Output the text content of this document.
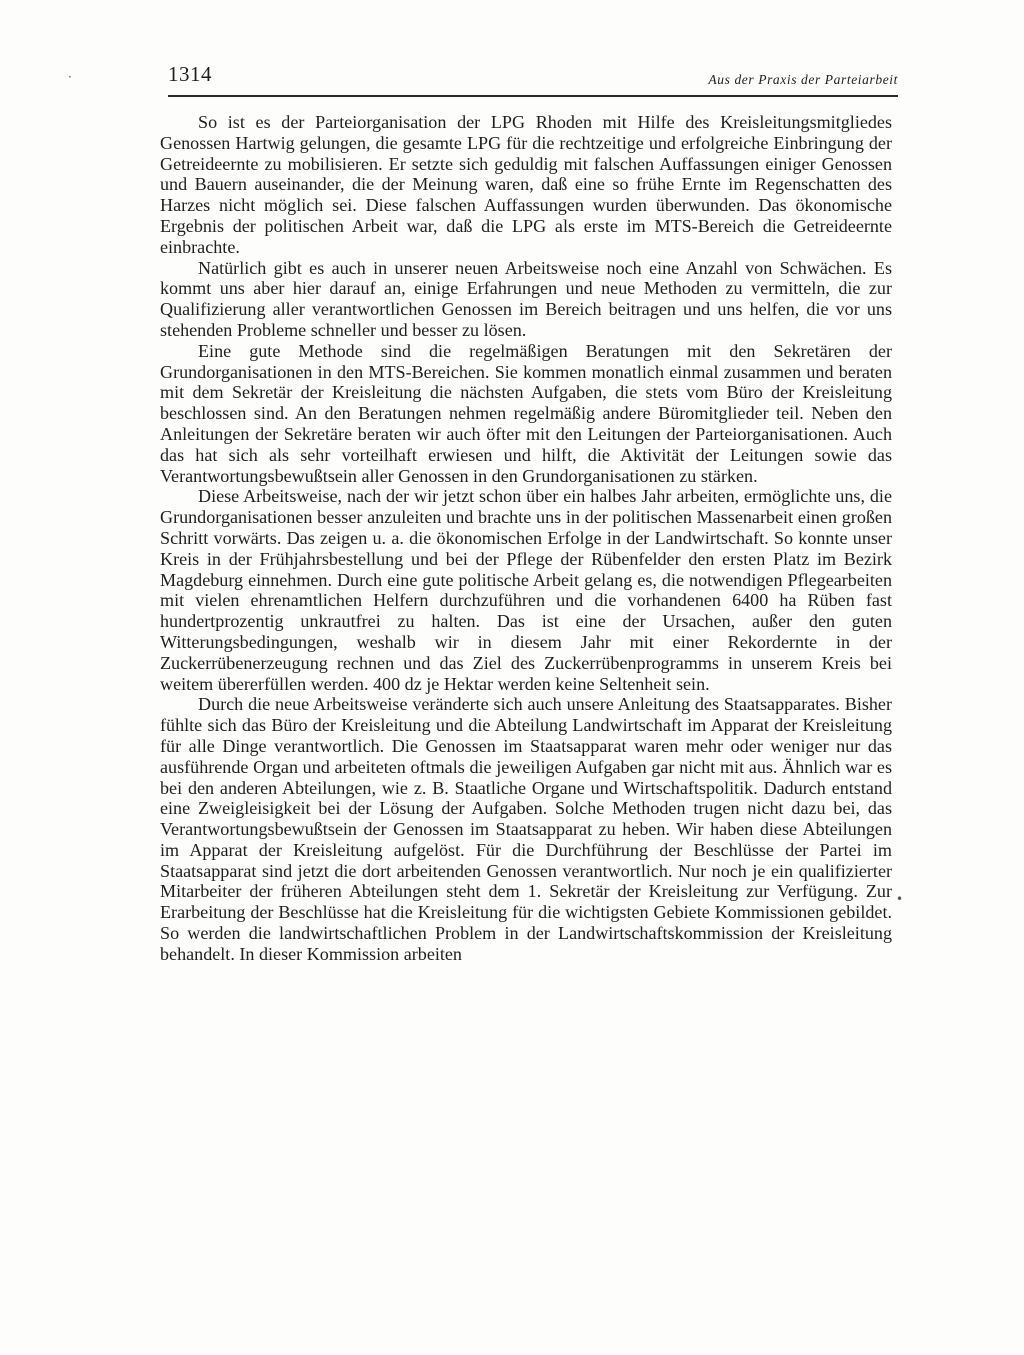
1314	Aus der Praxis der Parteiarbeit

So ist es der Parteiorganisation der LPG Rhoden mit Hilfe des Kreisleitungsmitgliedes Genossen Hartwig gelungen, die gesamte LPG für die rechtzeitige und erfolgreiche Einbringung der Getreideernte zu mobilisieren. Er setzte sich geduldig mit falschen Auffassungen einiger Genossen und Bauern auseinander, die der Meinung waren, daß eine so frühe Ernte im Regenschatten des Harzes nicht möglich sei. Diese falschen Auffassungen wurden überwunden. Das ökonomische Ergebnis der politischen Arbeit war, daß die LPG als erste im MTS-Bereich die Getreideernte einbrachte.

Natürlich gibt es auch in unserer neuen Arbeitsweise noch eine Anzahl von Schwächen. Es kommt uns aber hier darauf an, einige Erfahrungen und neue Methoden zu vermitteln, die zur Qualifizierung aller verantwortlichen Genossen im Bereich beitragen und uns helfen, die vor uns stehenden Probleme schneller und besser zu lösen.

Eine gute Methode sind die regelmäßigen Beratungen mit den Sekretären der Grundorganisationen in den MTS-Bereichen. Sie kommen monatlich einmal zusammen und beraten mit dem Sekretär der Kreisleitung die nächsten Aufgaben, die stets vom Büro der Kreisleitung beschlossen sind. An den Beratungen nehmen regelmäßig andere Büromitglieder teil. Neben den Anleitungen der Sekretäre beraten wir auch öfter mit den Leitungen der Parteiorganisationen. Auch das hat sich als sehr vorteilhaft erwiesen und hilft, die Aktivität der Leitungen sowie das Verantwortungsbewußtsein aller Genossen in den Grundorganisationen zu stärken.

Diese Arbeitsweise, nach der wir jetzt schon über ein halbes Jahr arbeiten, ermöglichte uns, die Grundorganisationen besser anzuleiten und brachte uns in der politischen Massenarbeit einen großen Schritt vorwärts. Das zeigen u. a. die ökonomischen Erfolge in der Landwirtschaft. So konnte unser Kreis in der Frühjahrsbestellung und bei der Pflege der Rübenfelder den ersten Platz im Bezirk Magdeburg einnehmen. Durch eine gute politische Arbeit gelang es, die notwendigen Pflegearbeiten mit vielen ehrenamtlichen Helfern durchzuführen und die vorhandenen 6400 ha Rüben fast hundertprozentig unkrautfrei zu halten. Das ist eine der Ursachen, außer den guten Witterungsbedingungen, weshalb wir in diesem Jahr mit einer Rekordernte in der Zuckerrübenerzeugung rechnen und das Ziel des Zuckerrübenprogramms in unserem Kreis bei weitem übererfüllen werden. 400 dz je Hektar werden keine Seltenheit sein.

Durch die neue Arbeitsweise veränderte sich auch unsere Anleitung des Staatsapparates. Bisher fühlte sich das Büro der Kreisleitung und die Abteilung Landwirtschaft im Apparat der Kreisleitung für alle Dinge verantwortlich. Die Genossen im Staatsapparat waren mehr oder weniger nur das ausführende Organ und arbeiteten oftmals die jeweiligen Aufgaben gar nicht mit aus. Ähnlich war es bei den anderen Abteilungen, wie z. B. Staatliche Organe und Wirtschaftspolitik. Dadurch entstand eine Zweigleisigkeit bei der Lösung der Aufgaben. Solche Methoden trugen nicht dazu bei, das Verantwortungsbewußtsein der Genossen im Staatsapparat zu heben. Wir haben diese Abteilungen im Apparat der Kreisleitung aufgelöst. Für die Durchführung der Beschlüsse der Partei im Staatsapparat sind jetzt die dort arbeitenden Genossen verantwortlich. Nur noch je ein qualifizierter Mitarbeiter der früheren Abteilungen steht dem 1. Sekretär der Kreisleitung zur Verfügung. Zur Erarbeitung der Beschlüsse hat die Kreisleitung für die wichtigsten Gebiete Kommissionen gebildet. So werden die landwirtschaftlichen Problem in der Landwirtschaftskommission der Kreisleitung behandelt. In dieser Kommission arbeiten

·
•
